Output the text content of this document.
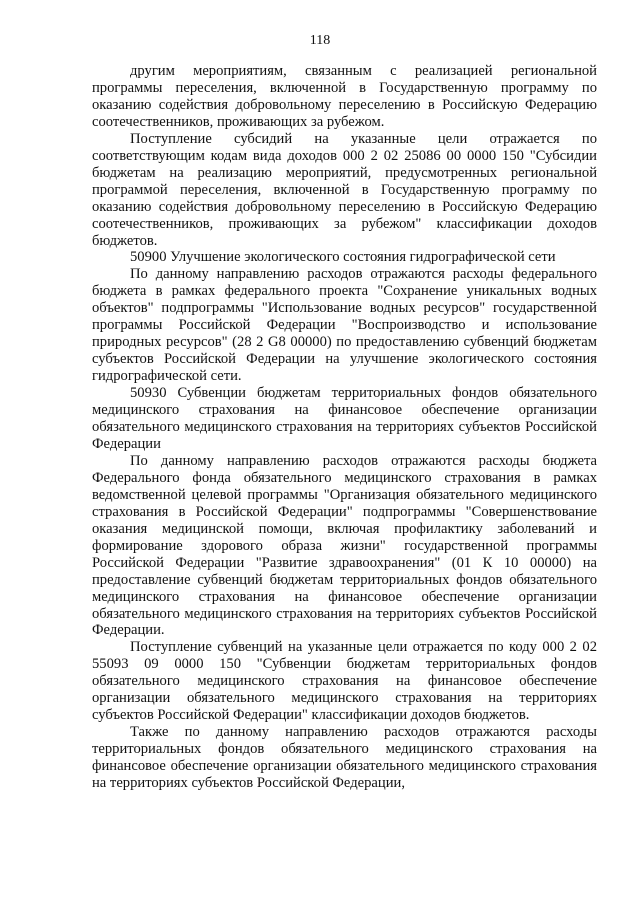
118

другим мероприятиям, связанным с реализацией региональной программы переселения, включенной в Государственную программу по оказанию содействия добровольному переселению в Российскую Федерацию соотечественников, проживающих за рубежом.

Поступление субсидий на указанные цели отражается по соответствующим кодам вида доходов 000 2 02 25086 00 0000 150 "Субсидии бюджетам на реализацию мероприятий, предусмотренных региональной программой переселения, включенной в Государственную программу по оказанию содействия добровольному переселению в Российскую Федерацию соотечественников, проживающих за рубежом" классификации доходов бюджетов.

50900 Улучшение экологического состояния гидрографической сети

По данному направлению расходов отражаются расходы федерального бюджета в рамках федерального проекта "Сохранение уникальных водных объектов" подпрограммы "Использование водных ресурсов" государственной программы Российской Федерации "Воспроизводство и использование природных ресурсов" (28 2 G8 00000) по предоставлению субвенций бюджетам субъектов Российской Федерации на улучшение экологического состояния гидрографической сети.

50930 Субвенции бюджетам территориальных фондов обязательного медицинского страхования на финансовое обеспечение организации обязательного медицинского страхования на территориях субъектов Российской Федерации

По данному направлению расходов отражаются расходы бюджета Федерального фонда обязательного медицинского страхования в рамках ведомственной целевой программы "Организация обязательного медицинского страхования в Российской Федерации" подпрограммы "Совершенствование оказания медицинской помощи, включая профилактику заболеваний и формирование здорового образа жизни" государственной программы Российской Федерации "Развитие здравоохранения" (01 К 10 00000) на предоставление субвенций бюджетам территориальных фондов обязательного медицинского страхования на финансовое обеспечение организации обязательного медицинского страхования на территориях субъектов Российской Федерации.

Поступление субвенций на указанные цели отражается по коду 000 2 02 55093 09 0000 150 "Субвенции бюджетам территориальных фондов обязательного медицинского страхования на финансовое обеспечение организации обязательного медицинского страхования на территориях субъектов Российской Федерации" классификации доходов бюджетов.

Также по данному направлению расходов отражаются расходы территориальных фондов обязательного медицинского страхования на финансовое обеспечение организации обязательного медицинского страхования на территориях субъектов Российской Федерации,
